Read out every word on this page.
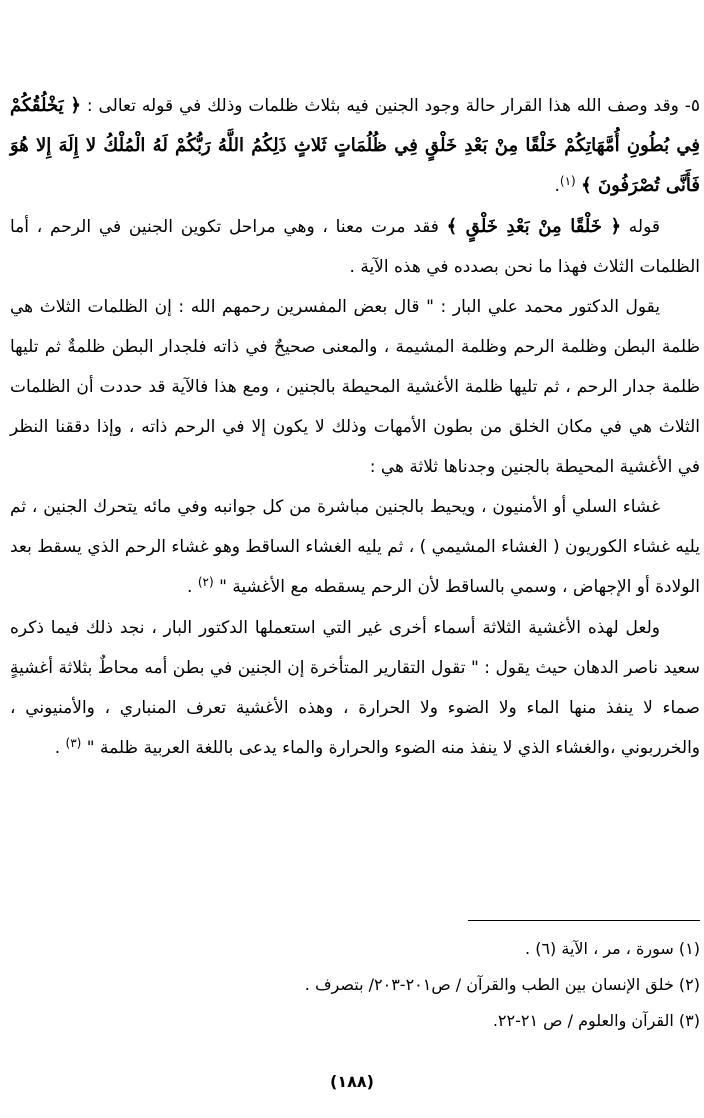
٥- وقد وصف الله هذا القرار حالة وجود الجنين فيه بثلاث ظلمات وذلك في قوله تعالى : ﴿ يَخْلُقُكُمْ فِي بُطُونِ أُمَّهَاتِكُمْ خَلْقًا مِنْ بَعْدِ خَلْقٍ فِي ظُلُمَاتٍ ثَلاثٍ ذَلِكُمُ اللَّهُ رَبُّكُمْ لَهُ الْمُلْكُ لا إِلَهَ إِلا هُوَ فَأَنَّى تُصْرَفُونَ ﴾ $^{(١)}$.

قوله ﴿ خَلْقًا مِنْ بَعْدِ خَلْقٍ ﴾ فقد مرت معنا ، وهي مراحل تكوين الجنين في الرحم ، أما الظلمات الثلاث فهذا ما نحن بصدده في هذه الآية .

يقول الدكتور محمد علي البار : " قال بعض المفسرين رحمهم الله : إن الظلمات الثلاث هي ظلمة البطن وظلمة الرحم وظلمة المشيمة ، والمعنى صحيحٌ في ذاته فلجدار البطن ظلمةٌ ثم تليها ظلمة جدار الرحم ، ثم تليها ظلمة الأغشية المحيطة بالجنين ، ومع هذا فالآية قد حددت أن الظلمات الثلاث هي في مكان الخلق من بطون الأمهات وذلك لا يكون إلا في الرحم ذاته ، وإذا دققنا النظر في الأغشية المحيطة بالجنين وجدناها ثلاثة هي :

غشاء السلي أو الأمنيون ، ويحيط بالجنين مباشرة من كل جوانبه وفي مائه يتحرك الجنين ، ثم يليه غشاء الكوريون ( الغشاء المشيمي ) ، ثم يليه الغشاء الساقط وهو غشاء الرحم الذي يسقط بعد الولادة أو الإجهاض ، وسمي بالساقط لأن الرحم يسقطه مع الأغشية " $^{(٢)}$ .

ولعل لهذه الأغشية الثلاثة أسماء أخرى غير التي استعملها الدكتور البار ، نجد ذلك فيما ذكره سعيد ناصر الدهان حيث يقول : " تقول التقارير المتأخرة إن الجنين في بطن أمه محاطٌ بثلاثة أغشيةٍ صماء لا ينفذ منها الماء ولا الضوء ولا الحرارة ، وهذه الأغشية تعرف المنباري ، والأمنيوني ، والخرربوني ،والغشاء الذي لا ينفذ منه الضوء والحرارة والماء يدعى باللغة العربية ظلمة " $^{(٣)}$ .

(١) سورة ، مر ، الآية (٦) .
(٢) خلق الإنسان بين الطب والقرآن / ص٢٠١-٢٠٣/ بتصرف .
(٣) القرآن والعلوم / ص ٢١-٢٢.
(١٨٨)
